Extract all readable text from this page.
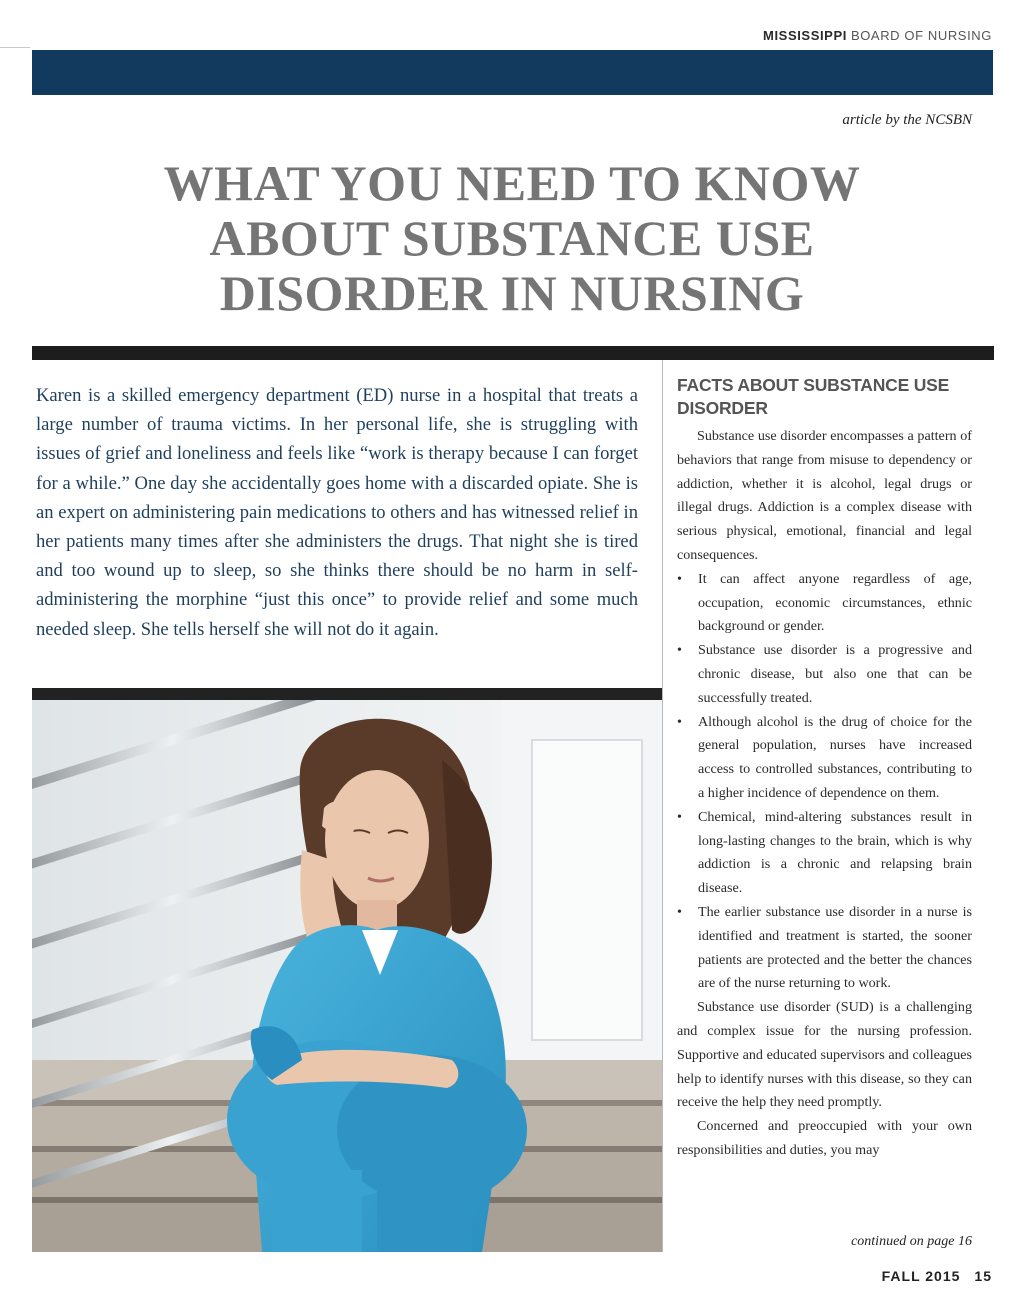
MISSISSIPPI BOARD OF NURSING
article by the NCSBN
WHAT YOU NEED TO KNOW
ABOUT SUBSTANCE USE
DISORDER IN NURSING

Karen is a skilled emergency department (ED) nurse in a hospital that treats a large number of trauma victims. In her personal life, she is struggling with issues of grief and loneliness and feels like “work is therapy because I can forget for a while.” One day she accidentally goes home with a discarded opiate. She is an expert on administering pain medications to others and has witnessed relief in her patients many times after she administers the drugs. That night she is tired and too wound up to sleep, so she thinks there should be no harm in self-administering the morphine “just this once” to provide relief and some much needed sleep. She tells herself she will not do it again.

FACTS ABOUT SUBSTANCE USE DISORDER

Substance use disorder encompasses a pattern of behaviors that range from misuse to dependency or addiction, whether it is alcohol, legal drugs or illegal drugs. Addiction is a complex disease with serious physical, emotional, financial and legal consequences.

• It can affect anyone regardless of age, occupation, economic circumstances, ethnic background or gender.
• Substance use disorder is a progressive and chronic disease, but also one that can be successfully treated.
• Although alcohol is the drug of choice for the general population, nurses have increased access to controlled substances, contributing to a higher incidence of dependence on them.
• Chemical, mind-altering substances result in long-lasting changes to the brain, which is why addiction is a chronic and relapsing brain disease.
• The earlier substance use disorder in a nurse is identified and treatment is started, the sooner patients are protected and the better the chances are of the nurse returning to work.

Substance use disorder (SUD) is a challenging and complex issue for the nursing profession. Supportive and educated supervisors and colleagues help to identify nurses with this disease, so they can receive the help they need promptly.

Concerned and preoccupied with your own responsibilities and duties, you may

continued on page 16
FALL 2015 15
